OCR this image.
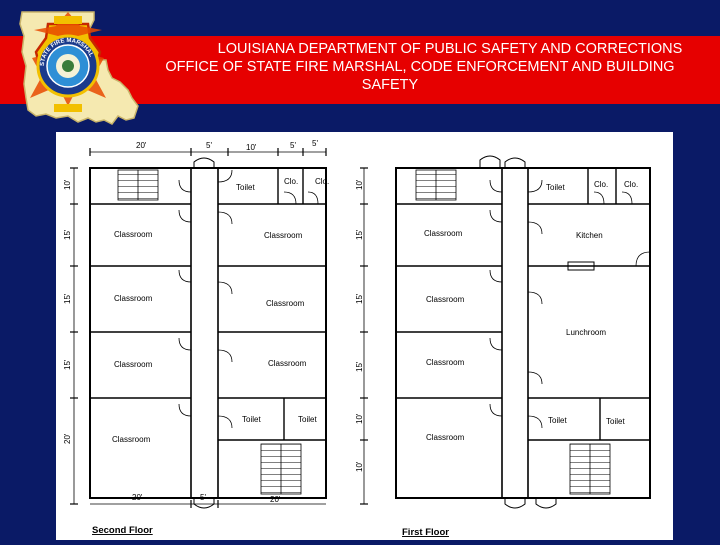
LOUISIANA DEPARTMENT OF PUBLIC SAFETY AND CORRECTIONS
OFFICE OF STATE FIRE MARSHAL, CODE ENFORCEMENT AND BUILDING
SAFETY
STATE FIRE MARSHAL
20'	5'	10'	5' 5'
10'
15'
15'
15'
20'
10'
15'
15'
15'
10'
10'
20'	5'	20'
Toilet
Clo. Clo.
Classroom	Classroom
Classroom
Classroom
Classroom	Classroom
Classroom
Toilet	Toilet
Toilet	Clo. Clo.
Classroom	Kitchen
Classroom
Lunchroom
Classroom
Classroom
Toilet	Toilet
Second Floor	First Floor
